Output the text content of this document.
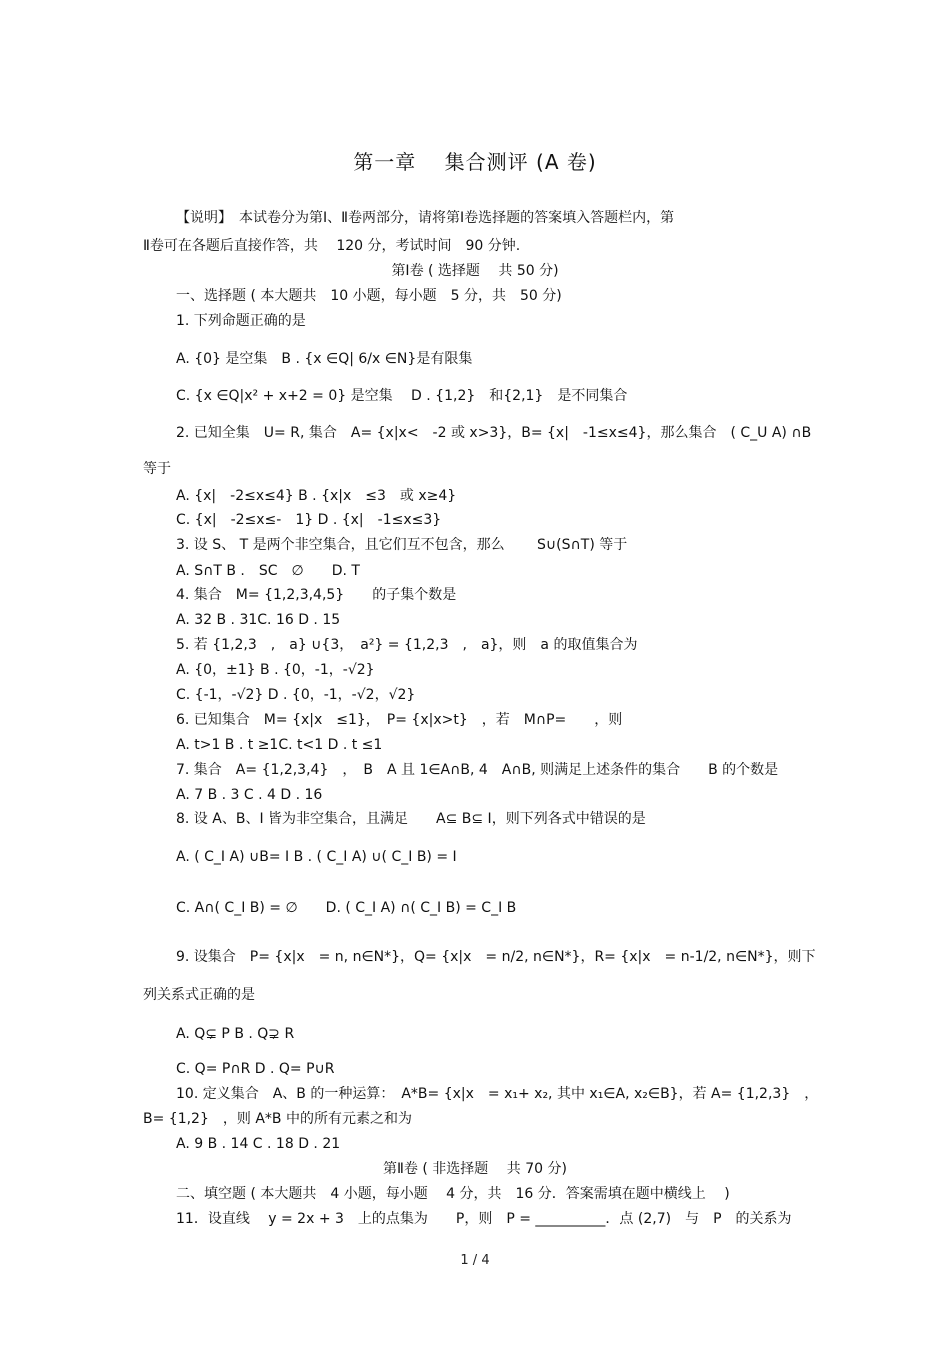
第一章　 集合测评 (A 卷)
【说明】　本试卷分为第Ⅰ、Ⅱ卷两部分，请将第Ⅰ卷选择题的答案填入答题栏内，第
Ⅱ卷可在各题后直接作答，共　 120 分，考试时间　90 分钟.
第Ⅰ卷 ( 选择题　 共 50 分)
一、选择题 ( 本大题共　10 小题，每小题　5 分，共　50 分)
1. 下列命题正确的是
A. {0} 是空集　B . {x ∈Q| 6/x ∈N}是有限集
C. {x ∈Q|x² + x+2 = 0} 是空集　 D . {1,2}　和{2,1}　是不同集合
2. 已知全集　U= R, 集合　A= {x|x<　-2 或 x>3}，B= {x|　-1≤x≤4}，那么集合　( C_U A) ∩B
等于
A. {x|　-2≤x≤4} B . {x|x　≤3　或 x≥4}
C. {x|　-2≤x≤-　1} D . {x|　-1≤x≤3}
3. 设 S、 T 是两个非空集合，且它们互不包含，那么　　 S∪(S∩T) 等于
A. S∩T B .　SC　∅　　D. T
4. 集合　M= {1,2,3,4,5}　　的子集个数是
A. 32 B . 31C. 16 D . 15
5. 若 {1,2,3　,　a} ∪{3，　a²} = {1,2,3　,　a}，则　a 的取值集合为
A. {0，±1} B . {0，-1，-√2}
C. {-1，-√2} D . {0，-1，-√2，√2}
6. 已知集合　M= {x|x　≤1}，　P= {x|x>t}　，若　M∩P=　　，则
A. t>1 B . t ≥1C. t<1 D . t ≤1
7. 集合　A= {1,2,3,4}　，　B　A 且 1∈A∩B, 4　A∩B, 则满足上述条件的集合　　B 的个数是
A. 7 B . 3 C . 4 D . 16
8. 设 A、B、I 皆为非空集合，且满足　　A⊆ B⊆ I，则下列各式中错误的是
A. ( C_I A) ∪B= I B . ( C_I A) ∪( C_I B) = I
C. A∩( C_I B) = ∅　　D. ( C_I A) ∩( C_I B) = C_I B
9. 设集合　P= {x|x　= n, n∈N*}，Q= {x|x　= n/2, n∈N*}，R= {x|x　= n-1/2, n∈N*}，则下
列关系式正确的是
A. Q⊊ P B . Q⊋ R
C. Q= P∩R D . Q= P∪R
10. 定义集合　A、B 的一种运算：　A*B= {x|x　= x₁+ x₂, 其中 x₁∈A, x₂∈B}，若 A= {1,2,3}　，
B= {1,2}　，则 A*B 中的所有元素之和为
A. 9 B . 14 C . 18 D . 21
第Ⅱ卷 ( 非选择题　 共 70 分)
二、填空题 ( 本大题共　4 小题，每小题　 4 分，共　16 分．答案需填在题中横线上　 )
11．设直线　 y = 2x + 3　上的点集为　　P，则　P = __________．点 (2,7)　与　P　的关系为
1 / 4
